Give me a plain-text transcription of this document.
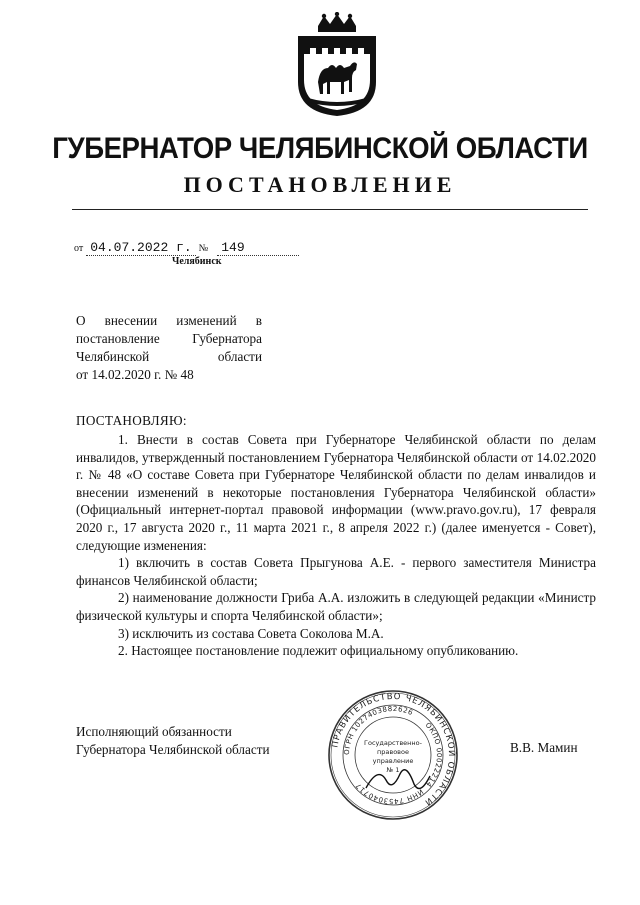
ГУБЕРНАТОР ЧЕЛЯБИНСКОЙ ОБЛАСТИ
ПОСТАНОВЛЕНИЕ
от 04.07.2022 г. № 149
Челябинск
О внесении изменений в
постановление Губернатора
Челябинской области
от 14.02.2020 г. № 48
ПОСТАНОВЛЯЮ:

1. Внести в состав Совета при Губернаторе Челябинской области по делам инвалидов, утвержденный постановлением Губернатора Челябинской области от 14.02.2020 г. № 48 «О составе Совета при Губернаторе Челябинской области по делам инвалидов и внесении изменений в некоторые постановления Губернатора Челябинской области» (Официальный интернет-портал правовой информации (www.pravo.gov.ru), 17 февраля 2020 г., 17 августа 2020 г., 11 марта 2021 г., 8 апреля 2022 г.) (далее именуется - Совет), следующие изменения:

1) включить в состав Совета Прыгунова А.Е. - первого заместителя Министра финансов Челябинской области;

2) наименование должности Гриба А.А. изложить в следующей редакции «Министр физической культуры и спорта Челябинской области»;

3) исключить из состава Совета Соколова М.А.

2. Настоящее постановление подлежит официальному опубликованию.

Исполняющий обязанности
Губернатора Челябинской области	ПРАВИТЕЛЬСТВО ЧЕЛЯБИНСКОЙ ОБЛАСТИ
ОГРН 1027403882626
ОКПО 00022214
ИНН 7453040717
Государственно-
правовое
управление
№ 1
В.В. Мамин
